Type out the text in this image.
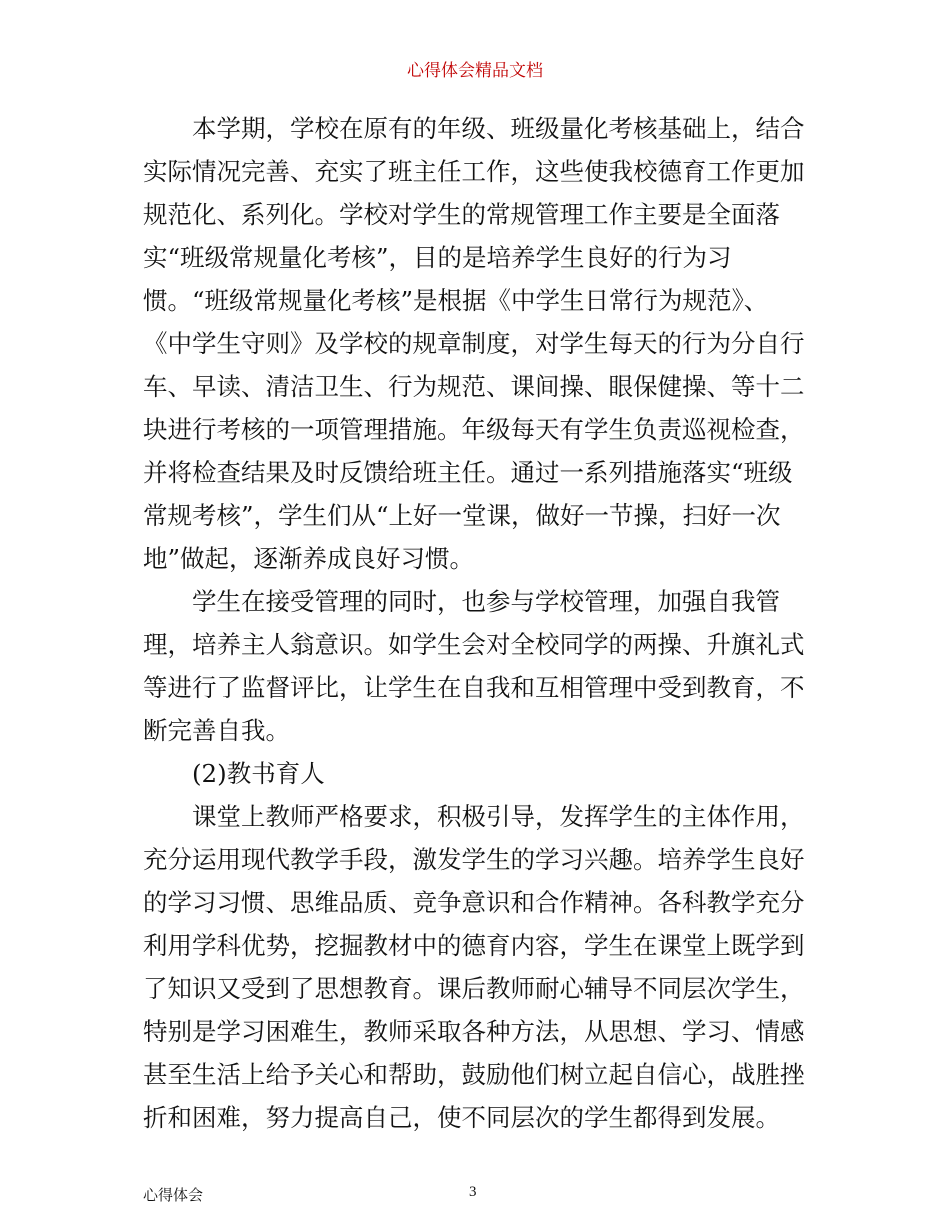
心得体会精品文档
　　本学期，学校在原有的年级、班级量化考核基础上，结合
实际情况完善、充实了班主任工作，这些使我校德育工作更加
规范化、系列化。学校对学生的常规管理工作主要是全面落
实“班级常规量化考核”，目的是培养学生良好的行为习
惯。“班级常规量化考核”是根据《中学生日常行为规范》、
《中学生守则》及学校的规章制度，对学生每天的行为分自行
车、早读、清洁卫生、行为规范、课间操、眼保健操、等十二
块进行考核的一项管理措施。年级每天有学生负责巡视检查，
并将检查结果及时反馈给班主任。通过一系列措施落实“班级
常规考核”，学生们从“上好一堂课，做好一节操，扫好一次
地”做起，逐渐养成良好习惯。
　　学生在接受管理的同时，也参与学校管理，加强自我管
理，培养主人翁意识。如学生会对全校同学的两操、升旗礼式
等进行了监督评比，让学生在自我和互相管理中受到教育，不
断完善自我。
　　(2)教书育人
　　课堂上教师严格要求，积极引导，发挥学生的主体作用，
充分运用现代教学手段，激发学生的学习兴趣。培养学生良好
的学习习惯、思维品质、竞争意识和合作精神。各科教学充分
利用学科优势，挖掘教材中的德育内容，学生在课堂上既学到
了知识又受到了思想教育。课后教师耐心辅导不同层次学生，
特别是学习困难生，教师采取各种方法，从思想、学习、情感
甚至生活上给予关心和帮助，鼓励他们树立起自信心，战胜挫
折和困难，努力提高自己，使不同层次的学生都得到发展。
心得体会	3
